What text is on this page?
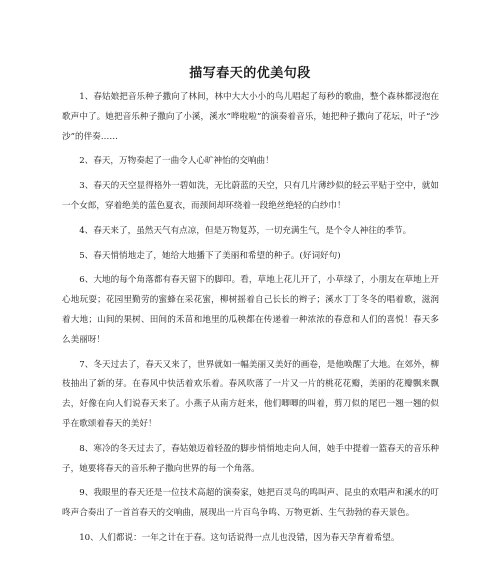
描写春天的优美句段

1、春姑娘把音乐种子撒向了林间，林中大大小小的鸟儿唱起了每秒的歌曲，整个森林都浸泡在歌声中了。她把音乐种子撒向了小溪，溪水“哗啦啦”的演奏着音乐，她把种子撒向了花坛，叶子“沙沙”的伴奏……

2、春天，万物奏起了一曲令人心旷神怡的交响曲！

3、春天的天空显得格外一碧如洗，无比蔚蓝的天空，只有几片薄纱似的轻云平贴于空中，就如一个女郎，穿着绝美的蓝色夏衣，而颈间却环绕着一段绝丝绝轻的白纱巾！

4、春天来了，虽然天气有点凉，但是万物复苏，一切充满生气，是个令人神往的季节。

5、春天悄悄地走了，她给大地播下了美丽和希望的种子。(好词好句)

6、大地的每个角落都有春天留下的脚印。看，草地上花儿开了，小草绿了，小朋友在草地上开心地玩耍；花园里勤劳的蜜蜂在采花蜜，柳树摇着自己长长的辫子；溪水丁丁冬冬的唱着歌，滋润着大地；山间的果树、田间的禾苗和地里的瓜秧都在传递着一种浓浓的春意和人们的喜悦！春天多么美丽呀！

7、冬天过去了，春天又来了，世界就如一幅美丽又美好的画卷，是他唤醒了大地。在郊外，柳枝抽出了新的芽。在春风中快活着欢乐着。春风吹落了一片又一片的桃花花瓣，美丽的花瓣飘来飘去，好像在向人们说春天来了。小燕子从南方赶来，他们唧唧的叫着，剪刀似的尾巴一翘一翘的似乎在歌颂着春天的美好！

8、寒冷的冬天过去了，春姑娘迈着轻盈的脚步悄悄地走向人间，她手中提着一篮春天的音乐种子，她要将春天的音乐种子撒向世界的每一个角落。

9、我眼里的春天还是一位技术高超的演奏家，她把百灵鸟的鸣叫声、昆虫的欢唱声和溪水的叮咚声合奏出了一首首春天的交响曲，展现出一片百鸟争鸣、万物更新、生气勃勃的春天景色。

10、人们都说：一年之计在于春。这句话说得一点儿也没错，因为春天孕育着希望。
